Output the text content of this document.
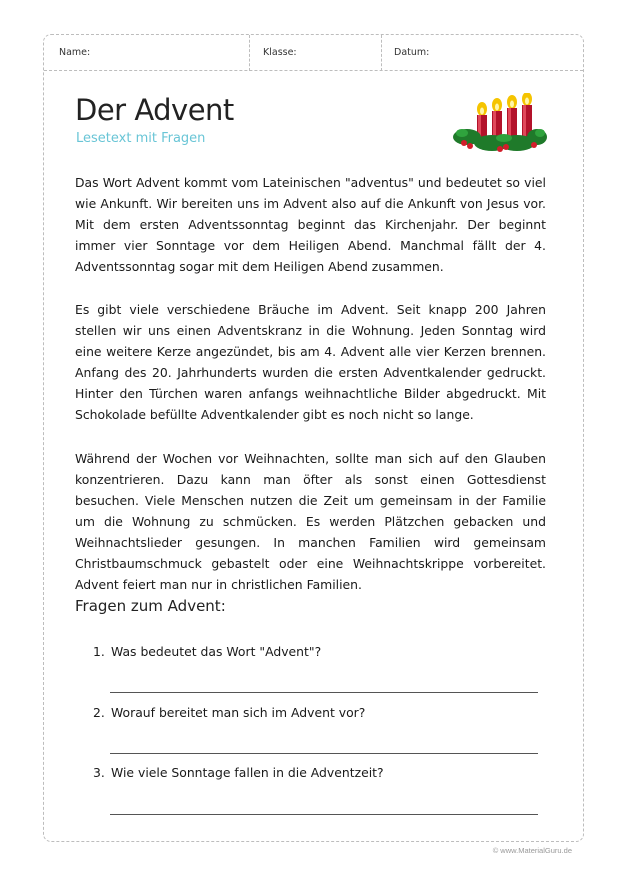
Name:	Klasse:	Datum:
Der Advent
Lesetext mit Fragen

Das Wort Advent kommt vom Lateinischen "adventus" und bedeutet so viel wie Ankunft. Wir bereiten uns im Advent also auf die Ankunft von Jesus vor. Mit dem ersten Adventssonntag beginnt das Kirchenjahr. Der beginnt immer vier Sonntage vor dem Heiligen Abend. Manchmal fällt der 4. Adventssonntag sogar mit dem Heiligen Abend zusammen.

Es gibt viele verschiedene Bräuche im Advent. Seit knapp 200 Jahren stellen wir uns einen Adventskranz in die Wohnung. Jeden Sonntag wird eine weitere Kerze angezündet, bis am 4. Advent alle vier Kerzen brennen. Anfang des 20. Jahrhunderts wurden die ersten Adventkalender gedruckt. Hinter den Türchen waren anfangs weihnachtliche Bilder abgedruckt. Mit Schokolade befüllte Adventkalender gibt es noch nicht so lange.

Während der Wochen vor Weihnachten, sollte man sich auf den Glauben konzentrieren. Dazu kann man öfter als sonst einen Gottesdienst besuchen. Viele Menschen nutzen die Zeit um gemeinsam in der Familie um die Wohnung zu schmücken. Es werden Plätzchen gebacken und Weihnachtslieder gesungen. In manchen Familien wird gemeinsam Christbaumschmuck gebastelt oder eine Weihnachtskrippe vorbereitet. Advent feiert man nur in christlichen Familien.

Fragen zum Advent:
1. Was bedeutet das Wort "Advent"?
2. Worauf bereitet man sich im Advent vor?
3. Wie viele Sonntage fallen in die Adventzeit?
© www.MaterialGuru.de
